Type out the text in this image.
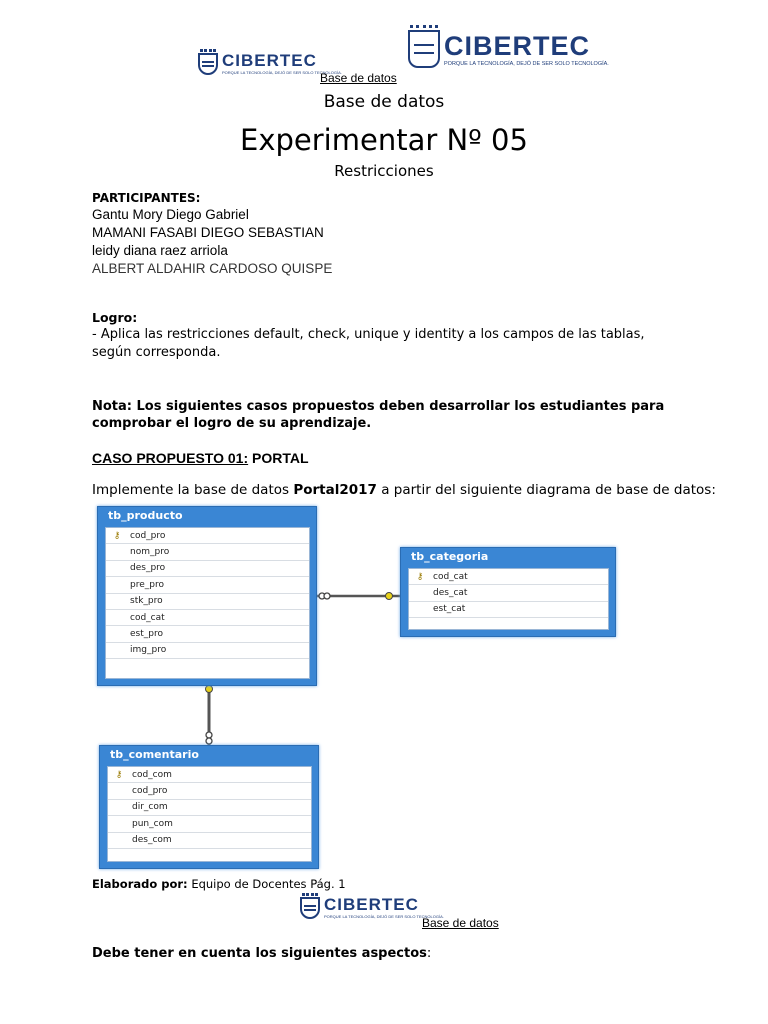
CIBERTEC
PORQUE LA TECNOLOGÍA, DEJÓ DE SER SOLO TECNOLOGÍA.
Base de datos
CIBERTEC
PORQUE LA TECNOLOGÍA, DEJÓ DE SER SOLO TECNOLOGÍA.
Base de datos
Experimentar Nº 05
Restricciones
PARTICIPANTES:
Gantu Mory Diego Gabriel
MAMANI FASABI DIEGO SEBASTIAN
leidy diana raez arriola
ALBERT ALDAHIR CARDOSO QUISPE
Logro:
- Aplica las restricciones default, check, unique y identity a los campos de las tablas, según corresponda.
Nota: Los siguientes casos propuestos deben desarrollar los estudiantes para comprobar el logro de su aprendizaje.
CASO PROPUESTO 01: PORTAL
Implemente la base de datos Portal2017 a partir del siguiente diagrama de base de datos:
tb_producto
⚷	cod_pro
nom_pro
des_pro
pre_pro
stk_pro
cod_cat
est_pro
img_pro
tb_categoria
⚷	cod_cat
des_cat
est_cat
tb_comentario
⚷	cod_com
cod_pro
dir_com
pun_com
des_com
Elaborado por: Equipo de Docentes Pág. 1
CIBERTEC
PORQUE LA TECNOLOGÍA, DEJÓ DE SER SOLO TECNOLOGÍA.
Base de datos
Debe tener en cuenta los siguientes aspectos:
